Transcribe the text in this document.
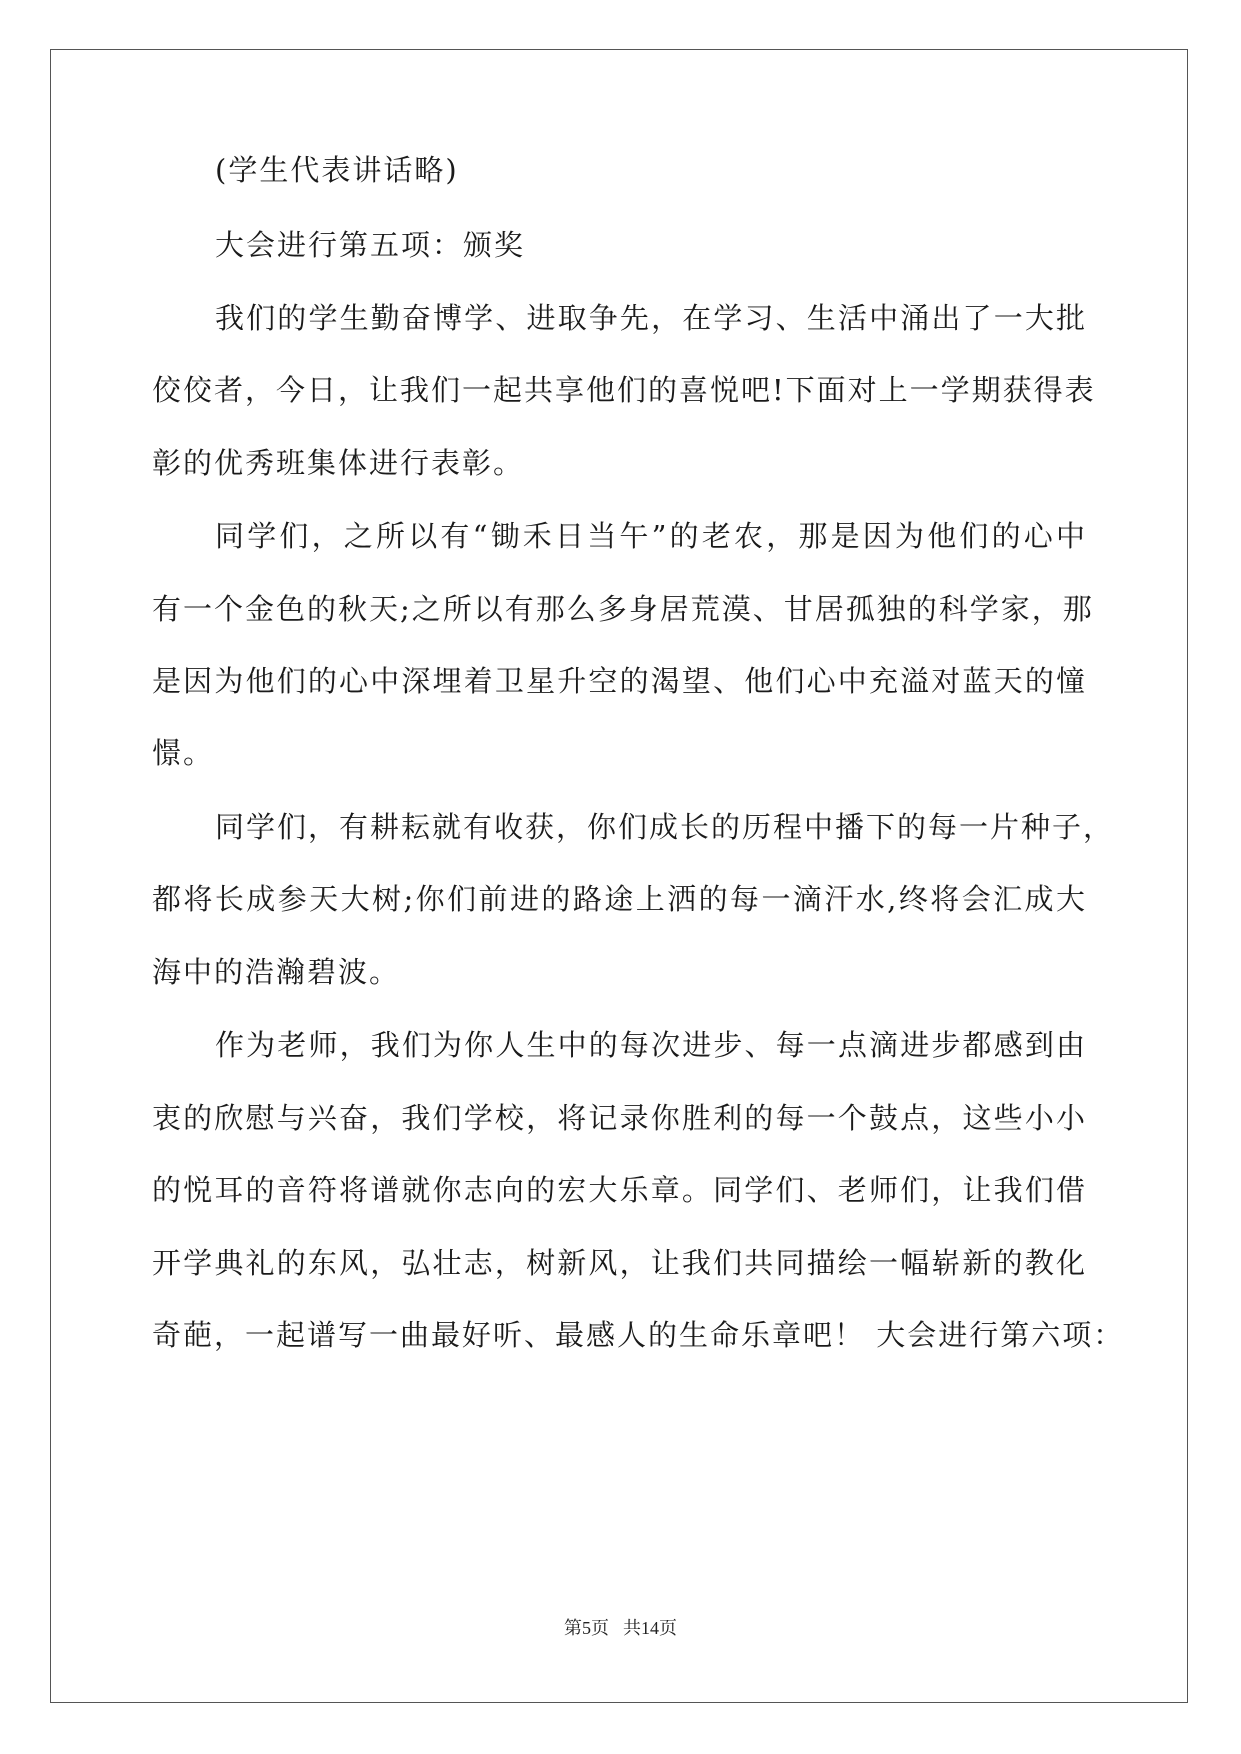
(学生代表讲话略)
大会进行第五项：颁奖
我们的学生勤奋博学、进取争先，在学习、生活中涌出了一大批
佼佼者，今日，让我们一起共享他们的喜悦吧!下面对上一学期获得表
彰的优秀班集体进行表彰。
同学们，之所以有“锄禾日当午”的老农，那是因为他们的心中
有一个金色的秋天;之所以有那么多身居荒漠、甘居孤独的科学家，那
是因为他们的心中深埋着卫星升空的渴望、他们心中充溢对蓝天的憧
憬。
同学们，有耕耘就有收获，你们成长的历程中播下的每一片种子，
都将长成参天大树;你们前进的路途上洒的每一滴汗水,终将会汇成大
海中的浩瀚碧波。
作为老师，我们为你人生中的每次进步、每一点滴进步都感到由
衷的欣慰与兴奋，我们学校，将记录你胜利的每一个鼓点，这些小小
的悦耳的音符将谱就你志向的宏大乐章。同学们、老师们，让我们借
开学典礼的东风，弘壮志，树新风，让我们共同描绘一幅崭新的教化
奇葩，一起谱写一曲最好听、最感人的生命乐章吧！ 大会进行第六项：
第5页 共14页
